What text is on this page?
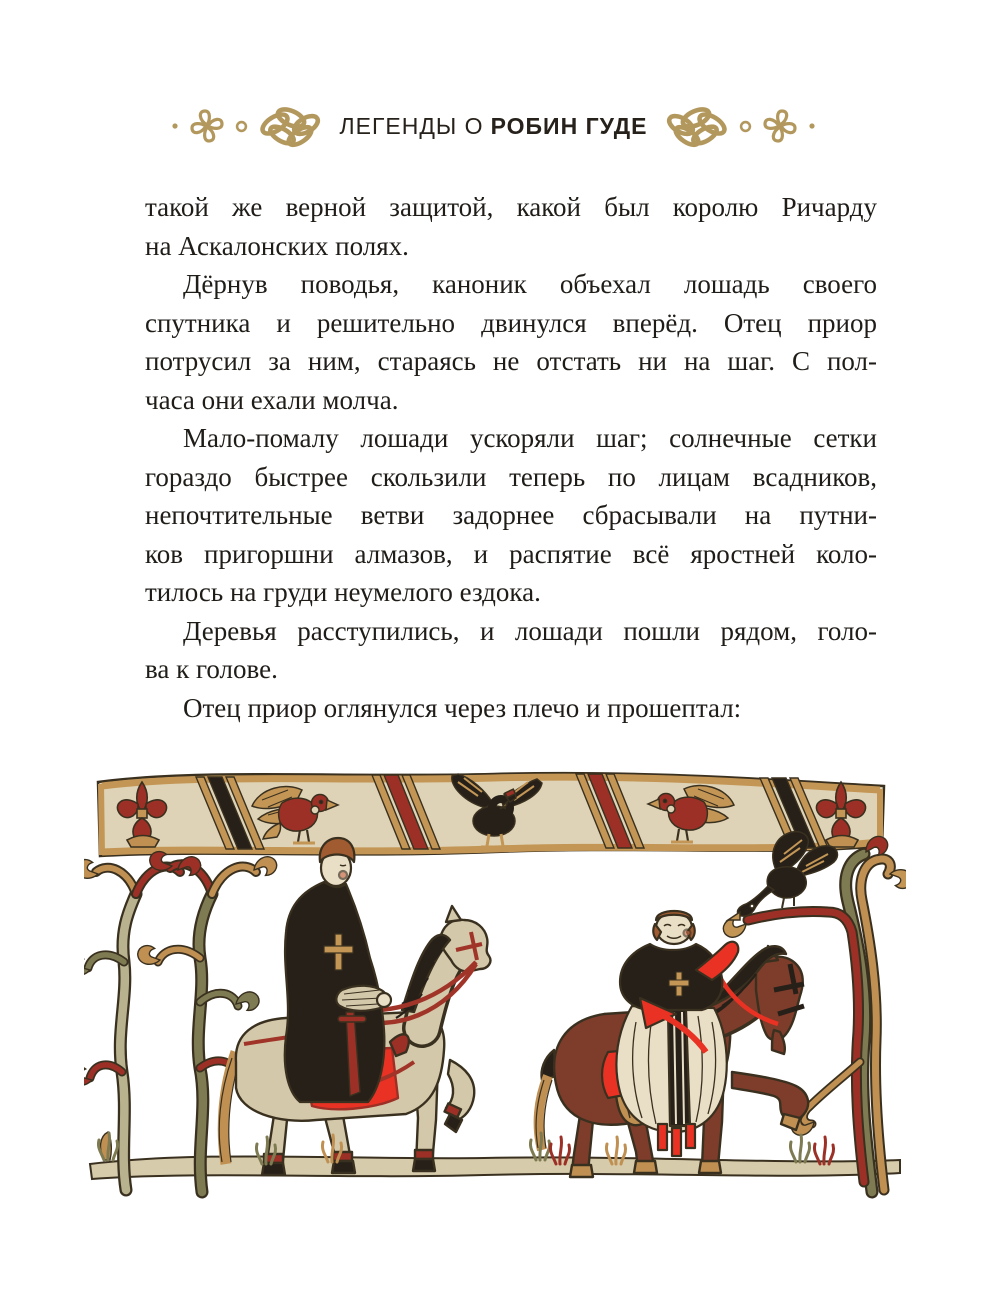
ЛЕГЕНДЫ О РОБИН ГУДЕ
такой же верной защитой, какой был королю Ричарду
на Аскалонских полях.
Дёрнув поводья, каноник объехал лошадь своего
спутника и решительно двинулся вперёд. Отец приор
потрусил за ним, стараясь не отстать ни на шаг. С пол-
часа они ехали молча.
Мало-помалу лошади ускоряли шаг; солнечные сетки
гораздо быстрее скользили теперь по лицам всадников,
непочтительные ветви задорнее сбрасывали на путни-
ков пригоршни алмазов, и распятие всё яростней коло-
тилось на груди неумелого ездока.
Деревья расступились, и лошади пошли рядом, голо-
ва к голове.
Отец приор оглянулся через плечо и прошептал:
